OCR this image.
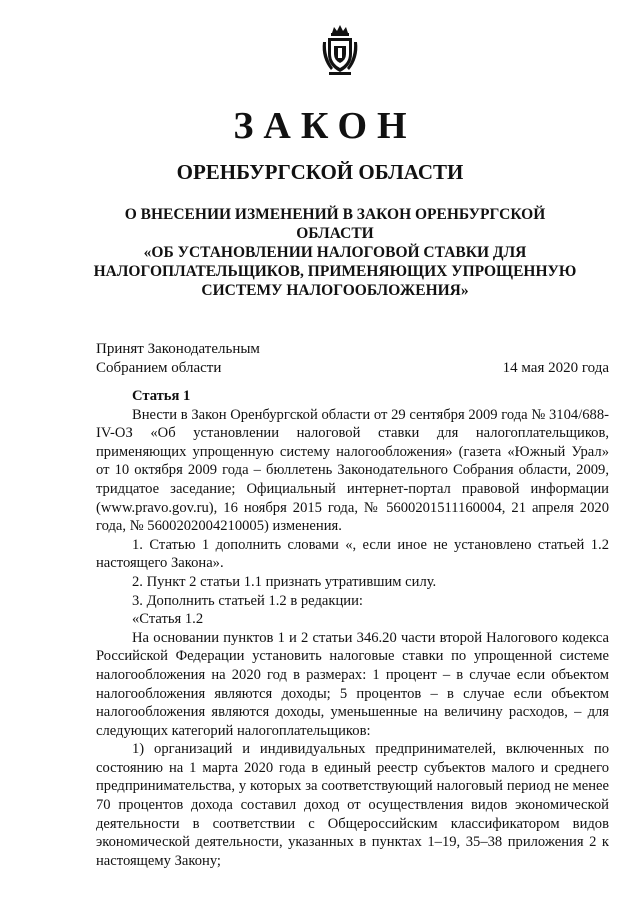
ЗАКОН
ОРЕНБУРГСКОЙ ОБЛАСТИ
О ВНЕСЕНИИ ИЗМЕНЕНИЙ В ЗАКОН ОРЕНБУРГСКОЙ ОБЛАСТИ
«ОБ УСТАНОВЛЕНИИ НАЛОГОВОЙ СТАВКИ ДЛЯ
НАЛОГОПЛАТЕЛЬЩИКОВ, ПРИМЕНЯЮЩИХ УПРОЩЕННУЮ
СИСТЕМУ НАЛОГООБЛОЖЕНИЯ»
Принят Законодательным
Собранием области	14 мая 2020 года

Статья 1

Внести в Закон Оренбургской области от 29 сентября 2009 года № 3104/688-IV-ОЗ «Об установлении налоговой ставки для налогоплательщиков, применяющих упрощенную систему налогообложения» (газета «Южный Урал» от 10 октября 2009 года – бюллетень Законодательного Собрания области, 2009, тридцатое заседание; Официальный интернет-портал правовой информации (www.pravo.gov.ru), 16 ноября 2015 года, № 5600201511160004, 21 апреля 2020 года, № 5600202004210005) изменения.

1. Статью 1 дополнить словами «, если иное не установлено статьей 1.2 настоящего Закона».

2. Пункт 2 статьи 1.1 признать утратившим силу.

3. Дополнить статьей 1.2 в редакции:

«Статья 1.2

На основании пунктов 1 и 2 статьи 346.20 части второй Налогового кодекса Российской Федерации установить налоговые ставки по упрощенной системе налогообложения на 2020 год в размерах: 1 процент – в случае если объектом налогообложения являются доходы; 5 процентов – в случае если объектом налогообложения являются доходы, уменьшенные на величину расходов, – для следующих категорий налогоплательщиков:

1) организаций и индивидуальных предпринимателей, включенных по состоянию на 1 марта 2020 года в единый реестр субъектов малого и среднего предпринимательства, у которых за соответствующий налоговый период не менее 70 процентов дохода составил доход от осуществления видов экономической деятельности в соответствии с Общероссийским классификатором видов экономической деятельности, указанных в пунктах 1–19, 35–38 приложения 2 к настоящему Закону;
